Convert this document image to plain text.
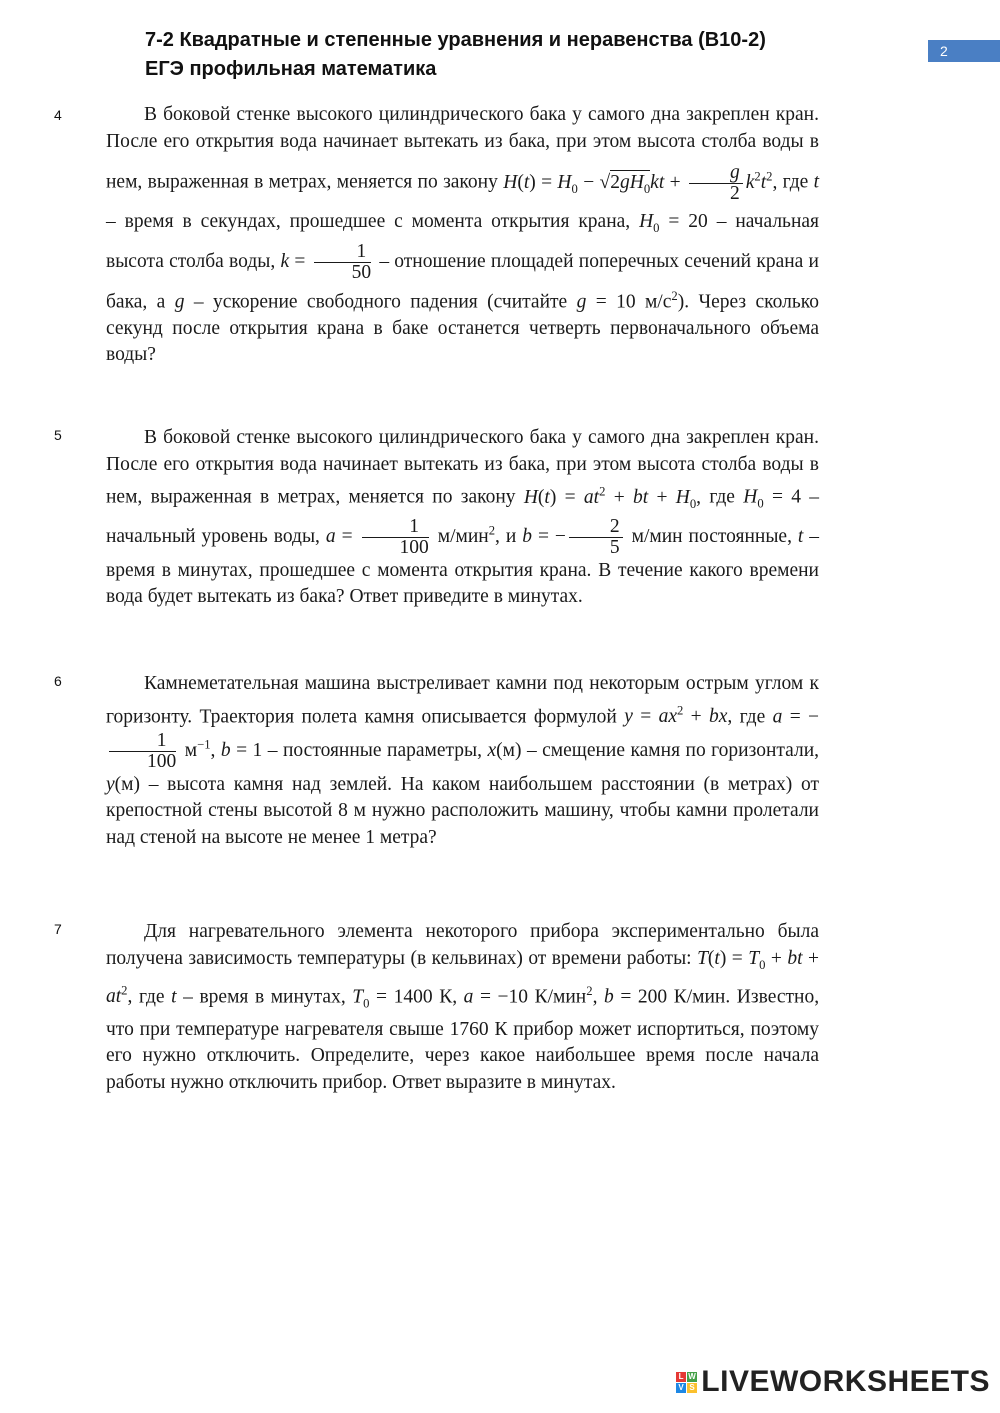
7-2 Квадратные и степенные уравнения и неравенства (В10-2)
ЕГЭ профильная математика
2
4	В боковой стенке высокого цилиндрического бака у самого дна закреплен кран. После его открытия вода начинает вытекать из бака, при этом высота столба воды в нем, выраженная в метрах, меняется по закону $H(t) = H_0 - √2gH_0kt + \frac{g}{2} k^2t^2$, где t – время в секундах, прошедшее с момента открытия крана, $H_0 = 20$ – начальная высота столба воды, $k = \frac{1}{50}$ – отношение площадей поперечных сечений крана и бака, а g – ускорение свободного падения (считайте g = 10 $м/с^2$). Через сколько секунд после открытия крана в баке останется четверть первоначального объема воды?

5	В боковой стенке высокого цилиндрического бака у самого дна закреплен кран. После его открытия вода начинает вытекать из бака, при этом высота столба воды в нем, выраженная в метрах, меняется по закону $H(t) = at^2$ + bt + $H_0$, где $H_0 = 4$ – начальный уровень воды, $a = \frac{1}{100} м/мин^2$, и b = − $\frac{2}{5} м/мин$ постоянные, t – время в минутах, прошедшее с момента открытия крана. В течение какого времени вода будет вытекать из бака? Ответ приведите в минутах.

6	Камнеметательная машина выстреливает камни под некоторым острым углом к горизонту. Траектория полета камня описывается формулой $y = ax^2$ + bx, где a = −
$\frac{1}{100} м^{-1}$, b = 1 – постоянные параметры, x(м) – смещение камня по горизонтали, y(м) – высота камня над землей. На каком наибольшем расстоянии (в метрах) от крепостной стены высотой 8 м нужно расположить машину, чтобы камни пролетали над стеной на высоте не менее 1 метра?

7	Для нагревательного элемента некоторого прибора экспериментально была получена зависимость температуры (в кельвинах) от времени работы: $T(t) = T_0$ + bt + $at^2$, где t – время в минутах, $T_0 = 1400$ К, a = −10 К/мин$^2$, b = 200 К/мин. Известно, что при температуре нагревателя свыше 1760 К прибор может испортиться, поэтому его нужно отключить. Определите, через какое наибольшее время после начала работы нужно отключить прибор. Ответ выразите в минутах.

L W
V S LIVEWORKSHEETS
